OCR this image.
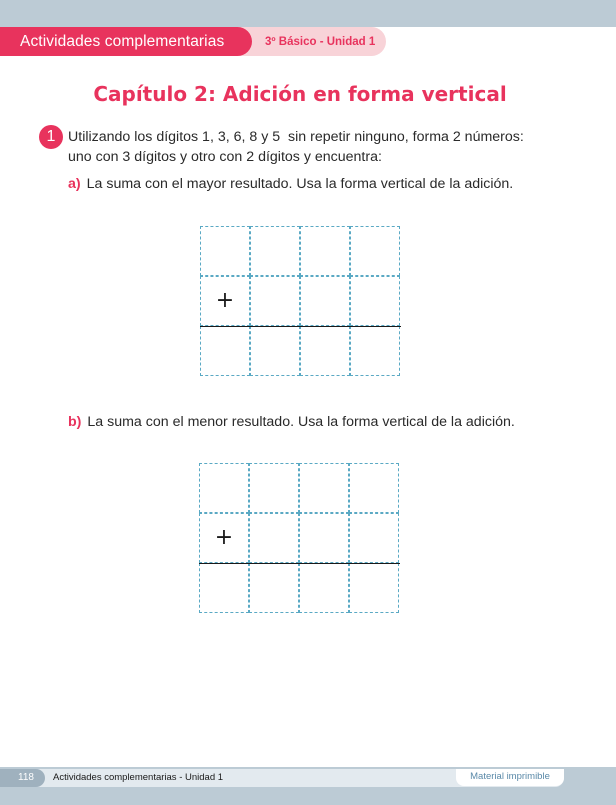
Actividades complementarias	3º Básico - Unidad 1
Capítulo 2: Adición en forma vertical
1 Utilizando los dígitos 1, 3, 6, 8 y 5  sin repetir ninguno, forma 2 números:
uno con 3 dígitos y otro con 2 dígitos y encuentra:
a) La suma con el mayor resultado. Usa la forma vertical de la adición.
+
b) La suma con el menor resultado. Usa la forma vertical de la adición.
+
118	Actividades complementarias - Unidad 1	Material imprimible
